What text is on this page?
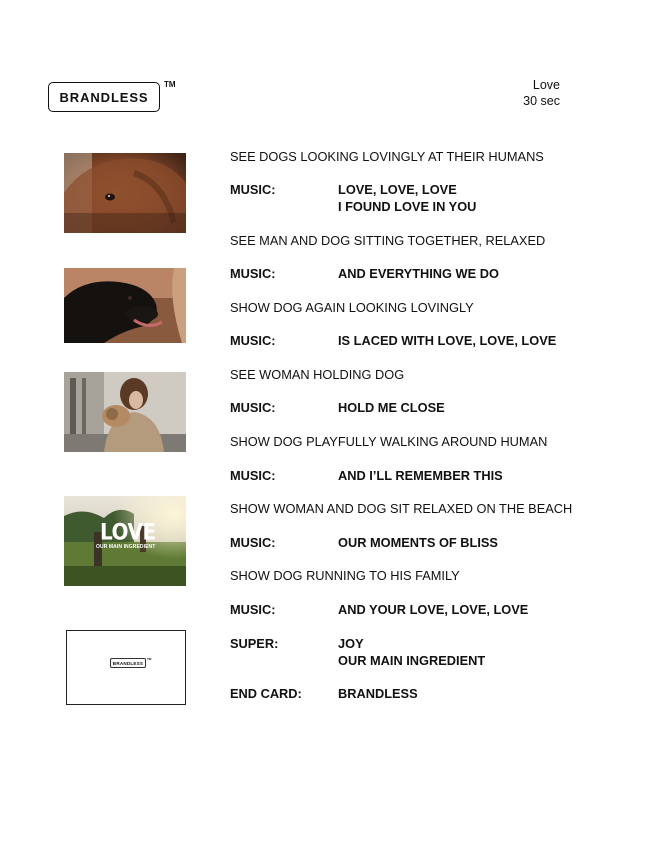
BRANDLESS
TM	Love
30 sec
LOVE
OUR MAIN INGREDIENT
BRANDLESS
TM
SEE DOGS LOOKING LOVINGLY AT THEIR HUMANS
MUSIC:	LOVE, LOVE, LOVE
I FOUND LOVE IN YOU
SEE MAN AND DOG SITTING TOGETHER, RELAXED
MUSIC:	AND EVERYTHING WE DO
SHOW DOG AGAIN LOOKING LOVINGLY
MUSIC:	IS LACED WITH LOVE, LOVE, LOVE
SEE WOMAN HOLDING DOG
MUSIC:	HOLD ME CLOSE
SHOW DOG PLAYFULLY WALKING AROUND HUMAN
MUSIC:	AND I’LL REMEMBER THIS
SHOW WOMAN AND DOG SIT RELAXED ON THE BEACH
MUSIC:	OUR MOMENTS OF BLISS
SHOW DOG RUNNING TO HIS FAMILY
MUSIC:	AND YOUR LOVE, LOVE, LOVE
SUPER:	JOY
OUR MAIN INGREDIENT
END CARD:	BRANDLESS
